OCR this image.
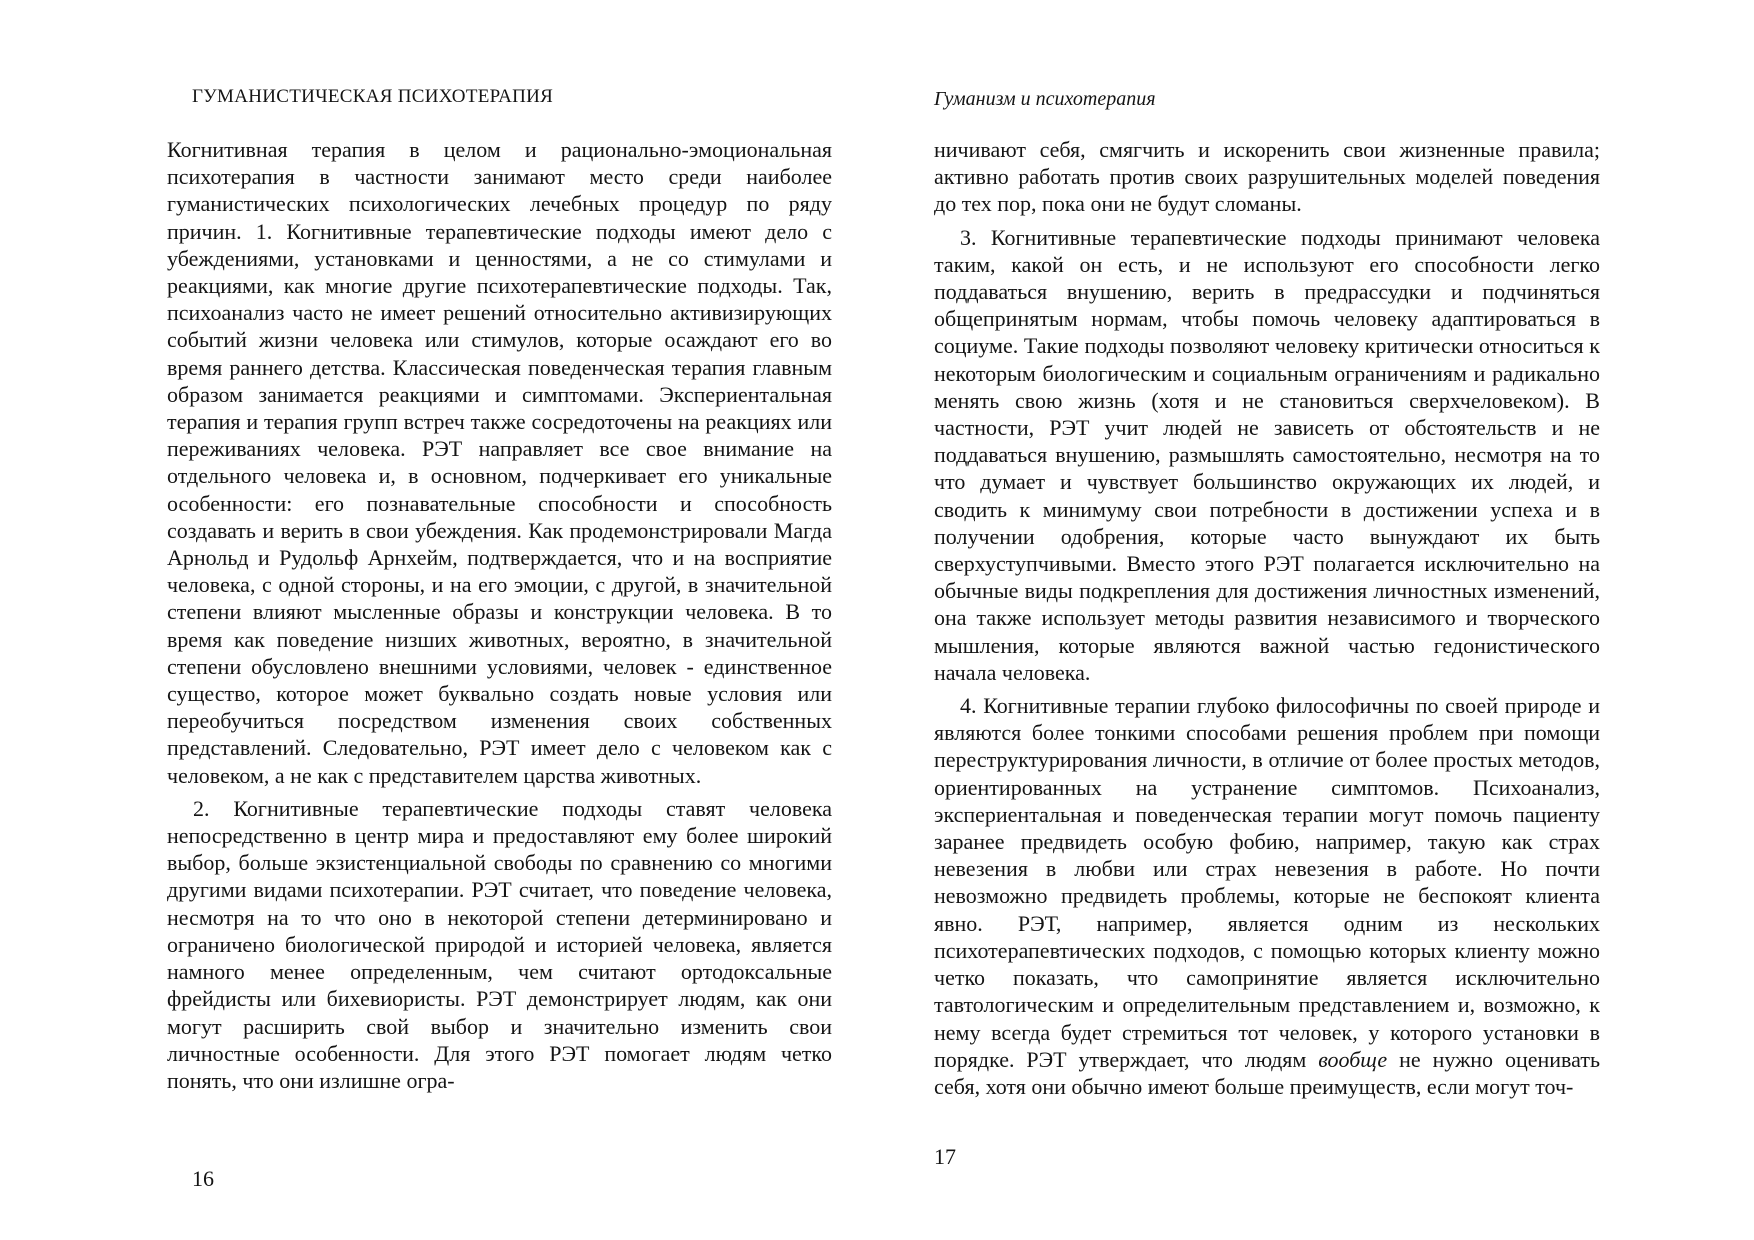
ГУМАНИСТИЧЕСКАЯ ПСИХОТЕРАПИЯ

Когнитивная терапия в целом и рационально-эмоциональная психотерапия в частности занимают место среди наиболее гуманистических психологических лечебных процедур по ряду причин. 1. Когнитивные терапевтические подходы имеют дело с убеждениями, установками и ценностями, а не со стимулами и реакциями, как многие другие психотерапевтические подходы. Так, психоанализ часто не имеет решений относительно активизирующих событий жизни человека или стимулов, которые осаждают его во время раннего детства. Классическая поведенческая терапия главным образом занимается реакциями и симптомами. Экспериентальная терапия и терапия групп встреч также сосредоточены на реакциях или переживаниях человека. РЭТ направляет все свое внимание на отдельного человека и, в основном, подчеркивает его уникальные особенности: его познавательные способности и способность создавать и верить в свои убеждения. Как продемонстрировали Магда Арнольд и Рудольф Арнхейм, подтверждается, что и на восприятие человека, с одной стороны, и на его эмоции, с другой, в значительной степени влияют мысленные образы и конструкции человека. В то время как поведение низших животных, вероятно, в значительной степени обусловлено внешними условиями, человек - единственное существо, которое может буквально создать новые условия или переобучиться посредством изменения своих собственных представлений. Следовательно, РЭТ имеет дело с человеком как с человеком, а не как с представителем царства животных.

2. Когнитивные терапевтические подходы ставят человека непосредственно в центр мира и предоставляют ему более широкий выбор, больше экзистенциальной свободы по сравнению со многими другими видами психотерапии. РЭТ считает, что поведение человека, несмотря на то что оно в некоторой степени детерминировано и ограничено биологической природой и историей человека, является намного менее определенным, чем считают ортодоксальные фрейдисты или бихевиористы. РЭТ демонстрирует людям, как они могут расширить свой выбор и значительно изменить свои личностные особенности. Для этого РЭТ помогает людям четко понять, что они излишне огра-

16
Гуманизм и психотерапия

ничивают себя, смягчить и искоренить свои жизненные правила; активно работать против своих разрушительных моделей поведения до тех пор, пока они не будут сломаны.

3. Когнитивные терапевтические подходы принимают человека таким, какой он есть, и не используют его способности легко поддаваться внушению, верить в предрассудки и подчиняться общепринятым нормам, чтобы помочь человеку адаптироваться в социуме. Такие подходы позволяют человеку критически относиться к некоторым биологическим и социальным ограничениям и радикально менять свою жизнь (хотя и не становиться сверхчеловеком). В частности, РЭТ учит людей не зависеть от обстоятельств и не поддаваться внушению, размышлять самостоятельно, несмотря на то что думает и чувствует большинство окружающих их людей, и сводить к минимуму свои потребности в достижении успеха и в получении одобрения, которые часто вынуждают их быть сверхуступчивыми. Вместо этого РЭТ полагается исключительно на обычные виды подкрепления для достижения личностных изменений, она также использует методы развития независимого и творческого мышления, которые являются важной частью гедонистического начала человека.

4. Когнитивные терапии глубоко философичны по своей природе и являются более тонкими способами решения проблем при помощи переструктурирования личности, в отличие от более простых методов, ориентированных на устранение симптомов. Психоанализ, экспериентальная и поведенческая терапии могут помочь пациенту заранее предвидеть особую фобию, например, такую как страх невезения в любви или страх невезения в работе. Но почти невозможно предвидеть проблемы, которые не беспокоят клиента явно. РЭТ, например, является одним из нескольких психотерапевтических подходов, с помощью которых клиенту можно четко показать, что самопринятие является исключительно тавтологическим и определительным представлением и, возможно, к нему всегда будет стремиться тот человек, у которого установки в порядке. РЭТ утверждает, что людям вообще не нужно оценивать себя, хотя они обычно имеют больше преимуществ, если могут точ-

17
